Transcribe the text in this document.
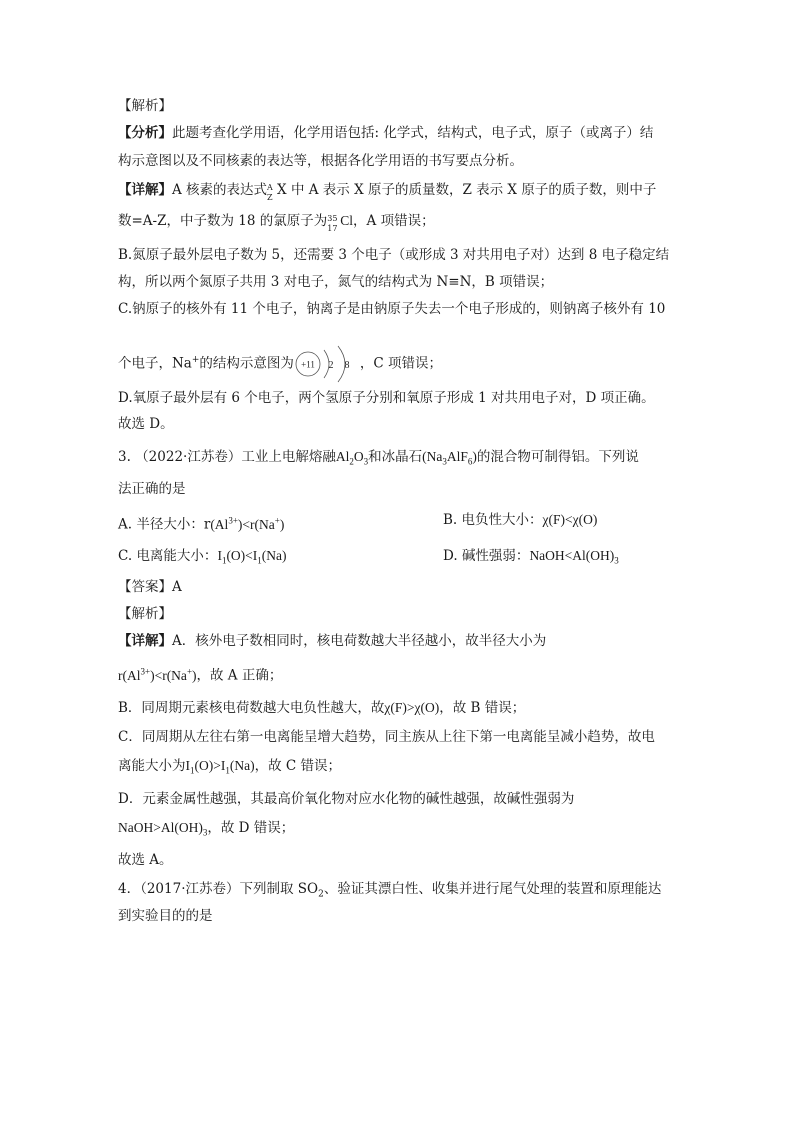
【解析】
【分析】此题考查化学用语，化学用语包括: 化学式，结构式，电子式，原子（或离子）结
构示意图以及不同核素的表达等，根据各化学用语的书写要点分析。
【详解】A 核素的表达式 A
Z X 中 A 表示 X 原子的质量数，Z 表示 X 原子的质子数，则中子
数=A-Z，中子数为 18 的氯原子为 35
17 Cl，A 项错误；
B.氮原子最外层电子数为 5，还需要 3 个电子（或形成 3 对共用电子对）达到 8 电子稳定结
构，所以两个氮原子共用 3 对电子，氮气的结构式为 N≡N，B 项错误；
C.钠原子的核外有 11 个电子，钠离子是由钠原子失去一个电子形成的，则钠离子核外有 10
个电子，Na+的结构示意图为 +11 2 8 ，C 项错误；
D.氧原子最外层有 6 个电子，两个氢原子分别和氧原子形成 1 对共用电子对，D 项正确。
故选 D。
3. （2022·江苏卷）工业上电解熔融$Al_2O_3$和冰晶石$(Na_3AlF_6)$的混合物可制得铝。下列说
法正确的是
A. 半径大小：$r(Al^{3+})<r(Na^+)$	B. 电负性大小：χ(F)<χ(O)
C. 电离能大小：$I_1(O)<I_1(Na)$	D. 碱性强弱：$NaOH<Al(OH)_3$
【答案】A
【解析】
【详解】A．核外电子数相同时，核电荷数越大半径越小，故半径大小为
$r(Al^{3+})<r(Na^+)$，故 A 正确；
B．同周期元素核电荷数越大电负性越大，故χ(F)>χ(O)，故 B 错误；
C．同周期从左往右第一电离能呈增大趋势，同主族从上往下第一电离能呈减小趋势，故电
离能大小为$I_1(O)>I_1(Na)$，故 C 错误；
D．元素金属性越强，其最高价氧化物对应水化物的碱性越强，故碱性强弱为
$NaOH>Al(OH)_3$，故 D 错误；
故选 A。
4．（2017·江苏卷）下列制取 $SO_2$、验证其漂白性、收集并进行尾气处理的装置和原理能达
到实验目的的是
